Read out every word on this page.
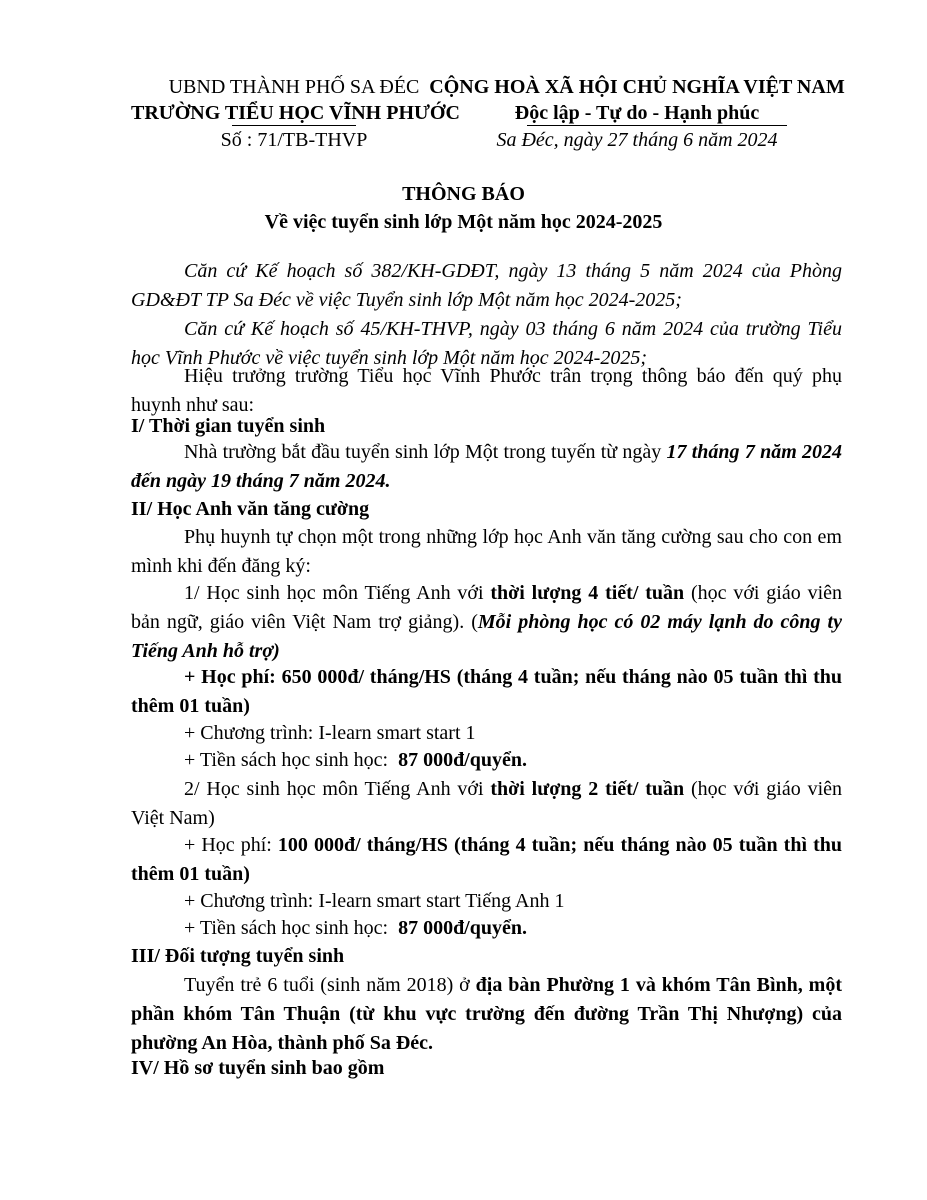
UBND THÀNH PHỐ SA ĐÉC
TRƯỜNG TIỂU HỌC VĨNH PHƯỚC
Số : 71/TB-THVP
CỘNG HOÀ XÃ HỘI CHỦ NGHĨA VIỆT NAM
Độc lập - Tự do - Hạnh phúc
Sa Đéc, ngày 27 tháng 6 năm 2024
THÔNG BÁO
Về việc tuyển sinh lớp Một năm học 2024-2025
Căn cứ Kế hoạch số 382/KH-GDĐT, ngày 13 tháng 5 năm 2024 của Phòng GD&ĐT TP Sa Đéc về việc Tuyển sinh lớp Một năm học 2024-2025;
Căn cứ Kế hoạch số 45/KH-THVP, ngày 03 tháng 6 năm 2024 của trường Tiểu học Vĩnh Phước về việc tuyển sinh lớp Một năm học 2024-2025;
Hiệu trưởng trường Tiểu học Vĩnh Phước trân trọng thông báo đến quý phụ huynh như sau:
I/ Thời gian tuyển sinh
Nhà trường bắt đầu tuyển sinh lớp Một trong tuyến từ ngày 17 tháng 7 năm 2024 đến ngày 19 tháng 7 năm 2024.
II/ Học Anh văn tăng cường
Phụ huynh tự chọn một trong những lớp học Anh văn tăng cường sau cho con em mình khi đến đăng ký:
1/ Học sinh học môn Tiếng Anh với thời lượng 4 tiết/ tuần (học với giáo viên bản ngữ, giáo viên Việt Nam trợ giảng). (Mỗi phòng học có 02 máy lạnh do công ty Tiếng Anh hỗ trợ)
+ Học phí: 650 000đ/ tháng/HS (tháng 4 tuần; nếu tháng nào 05 tuần thì thu thêm 01 tuần)
+ Chương trình: I-learn smart start 1
+ Tiền sách học sinh học:  87 000đ/quyển.
2/ Học sinh học môn Tiếng Anh với thời lượng 2 tiết/ tuần (học với giáo viên Việt Nam)
+ Học phí: 100 000đ/ tháng/HS (tháng 4 tuần; nếu tháng nào 05 tuần thì thu thêm 01 tuần)
+ Chương trình: I-learn smart start Tiếng Anh 1
+ Tiền sách học sinh học:  87 000đ/quyển.
III/ Đối tượng tuyển sinh
Tuyển trẻ 6 tuổi (sinh năm 2018) ở địa bàn Phường 1 và khóm Tân Bình, một phần khóm Tân Thuận (từ khu vực trường đến đường Trần Thị Nhượng) của phường An Hòa, thành phố Sa Đéc.
IV/ Hồ sơ tuyển sinh bao gồm
